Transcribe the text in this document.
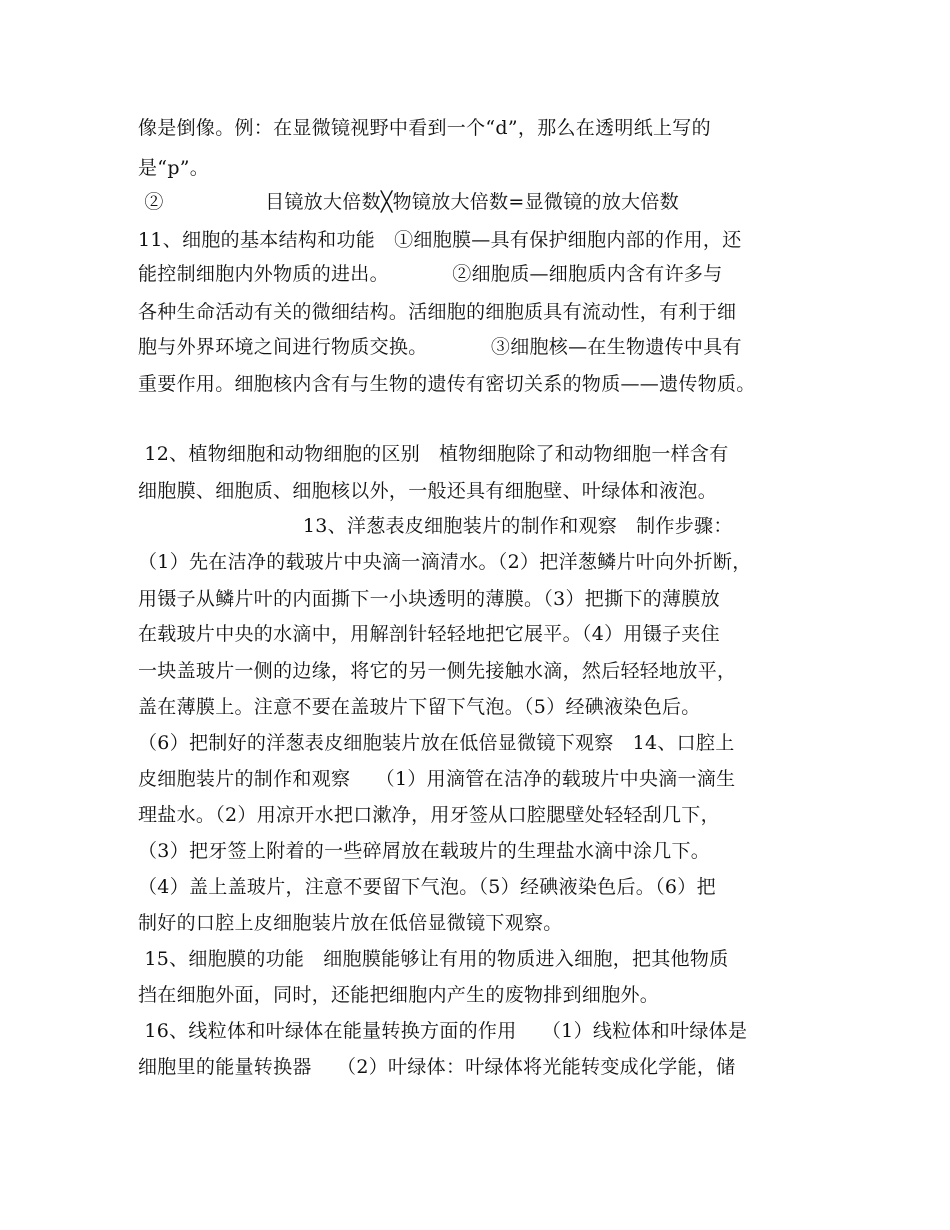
像是倒像。例：在显微镜视野中看到一个“d”，那么在透明纸上写的
是“p”。
②                目镜放大倍数╳物镜放大倍数=显微镜的放大倍数
11、细胞的基本结构和功能   ①细胞膜—具有保护细胞内部的作用，还
能控制细胞内外物质的进出。          ②细胞质—细胞质内含有许多与
各种生命活动有关的微细结构。活细胞的细胞质具有流动性，有利于细
胞与外界环境之间进行物质交换。          ③细胞核—在生物遗传中具有
重要作用。细胞核内含有与生物的遗传有密切关系的物质——遗传物质。
12、植物细胞和动物细胞的区别   植物细胞除了和动物细胞一样含有
细胞膜、细胞质、细胞核以外，一般还具有细胞壁、叶绿体和液泡。
13、洋葱表皮细胞装片的制作和观察   制作步骤：
（1）先在洁净的载玻片中央滴一滴清水。（2）把洋葱鳞片叶向外折断，
用镊子从鳞片叶的内面撕下一小块透明的薄膜。（3）把撕下的薄膜放
在载玻片中央的水滴中，用解剖针轻轻地把它展平。（4）用镊子夹住
一块盖玻片一侧的边缘，将它的另一侧先接触水滴，然后轻轻地放平，
盖在薄膜上。注意不要在盖玻片下留下气泡。（5）经碘液染色后。
（6）把制好的洋葱表皮细胞装片放在低倍显微镜下观察   14、口腔上
皮细胞装片的制作和观察    （1）用滴管在洁净的载玻片中央滴一滴生
理盐水。（2）用凉开水把口漱净，用牙签从口腔腮壁处轻轻刮几下，
（3）把牙签上附着的一些碎屑放在载玻片的生理盐水滴中涂几下。
（4）盖上盖玻片，注意不要留下气泡。（5）经碘液染色后。（6）把
制好的口腔上皮细胞装片放在低倍显微镜下观察。
15、细胞膜的功能   细胞膜能够让有用的物质进入细胞，把其他物质
挡在细胞外面，同时，还能把细胞内产生的废物排到细胞外。
16、线粒体和叶绿体在能量转换方面的作用    （1）线粒体和叶绿体是
细胞里的能量转换器    （2）叶绿体：叶绿体将光能转变成化学能，储
